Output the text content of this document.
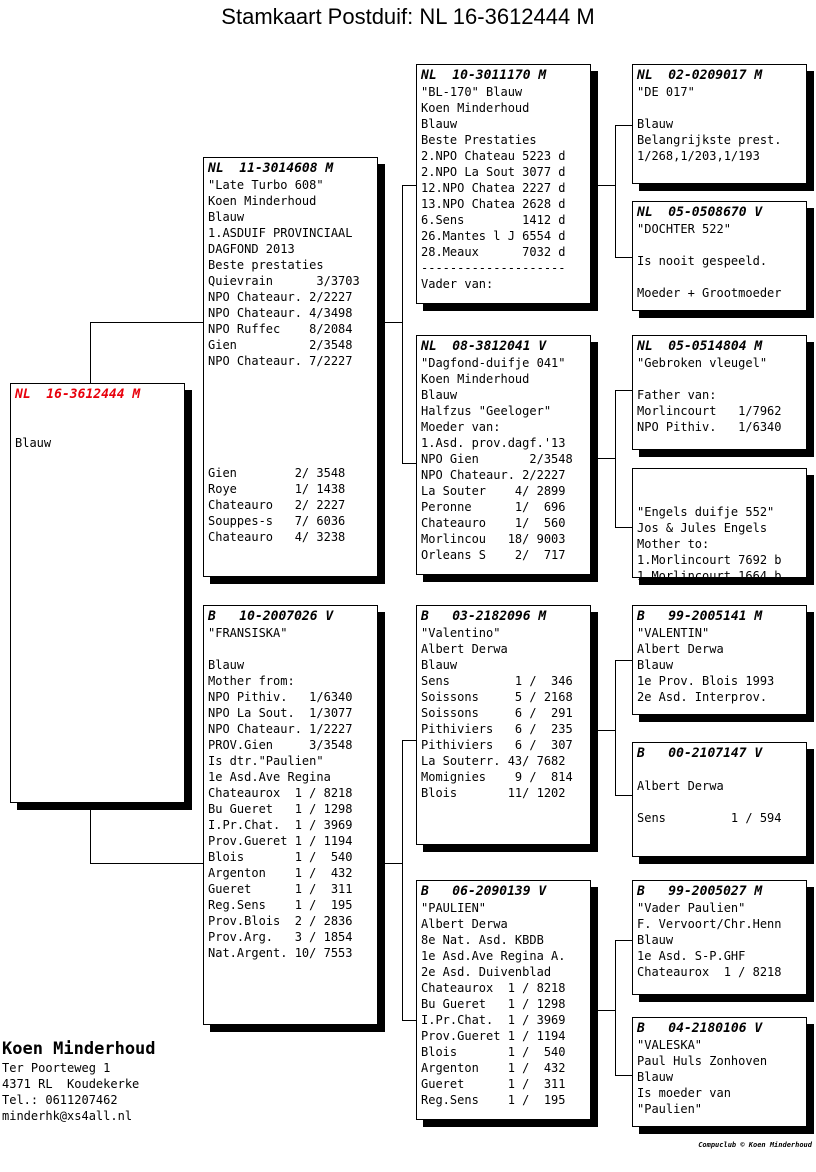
Stamkaart Postduif: NL 16-3612444 M
NL  16-3612444 M

Blauw
NL  11-3014608 M
"Late Turbo 608"
Koen Minderhoud
Blauw
1.ASDUIF PROVINCIAAL
DAGFOND 2013
Beste prestaties
Quievrain      3/3703
NPO Chateaur. 2/2227
NPO Chateaur. 4/3498
NPO Ruffec    8/2084
Gien          2/3548
NPO Chateaur. 7/2227

Gien        2/ 3548
Roye        1/ 1438
Chateauro   2/ 2227
Souppes-s   7/ 6036
Chateauro   4/ 3238
B   10-2007026 V
"FRANSISKA"

Blauw
Mother from:
NPO Pithiv.   1/6340
NPO La Sout.  1/3077
NPO Chateaur. 1/2227
PROV.Gien     3/3548
Is dtr."Paulien"
1e Asd.Ave Regina
Chateaurox  1 / 8218
Bu Gueret   1 / 1298
I.Pr.Chat.  1 / 3969
Prov.Gueret 1 / 1194
Blois       1 /  540
Argenton    1 /  432
Gueret      1 /  311
Reg.Sens    1 /  195
Prov.Blois  2 / 2836
Prov.Arg.   3 / 1854
Nat.Argent. 10/ 7553
NL  10-3011170 M
"BL-170" Blauw
Koen Minderhoud
Blauw
Beste Prestaties
2.NPO Chateau 5223 d
2.NPO La Sout 3077 d
12.NPO Chatea 2227 d
13.NPO Chatea 2628 d
6.Sens        1412 d
26.Mantes l J 6554 d
28.Meaux      7032 d
--------------------
Vader van:
NL  08-3812041 V
"Dagfond-duifje 041"
Koen Minderhoud
Blauw
Halfzus "Geeloger"
Moeder van:
1.Asd. prov.dagf.'13
NPO Gien       2/3548
NPO Chateaur. 2/2227
La Souter    4/ 2899
Peronne      1/  696
Chateauro    1/  560
Morlincou   18/ 9003
Orleans S    2/  717
B   03-2182096 M
"Valentino"
Albert Derwa
Blauw
Sens         1 /  346
Soissons     5 / 2168
Soissons     6 /  291
Pithiviers   6 /  235
Pithiviers   6 /  307
La Souterr. 43/ 7682
Momignies    9 /  814
Blois       11/ 1202
B   06-2090139 V
"PAULIEN"
Albert Derwa
8e Nat. Asd. KBDB
1e Asd.Ave Regina A.
2e Asd. Duivenblad
Chateaurox  1 / 8218
Bu Gueret   1 / 1298
I.Pr.Chat.  1 / 3969
Prov.Gueret 1 / 1194
Blois       1 /  540
Argenton    1 /  432
Gueret      1 /  311
Reg.Sens    1 /  195
NL  02-0209017 M
"DE 017"

Blauw
Belangrijkste prest.
1/268,1/203,1/193
NL  05-0508670 V
"DOCHTER 522"

Is nooit gespeeld.

Moeder + Grootmoeder
NL  05-0514804 M
"Gebroken vleugel"

Father van:
Morlincourt   1/7962
NPO Pithiv.   1/6340

"Engels duifje 552"
Jos & Jules Engels
Mother to:
1.Morlincourt 7692 b
1.Morlincourt 1664 b
B   99-2005141 M
"VALENTIN"
Albert Derwa
Blauw
1e Prov. Blois 1993
2e Asd. Interprov.
B   00-2107147 V

Albert Derwa

Sens         1 / 594
B   99-2005027 M
"Vader Paulien"
F. Vervoort/Chr.Henn
Blauw
1e Asd. S-P.GHF
Chateaurox  1 / 8218
B   04-2180106 V
"VALESKA"
Paul Huls Zonhoven
Blauw
Is moeder van
"Paulien"
Koen Minderhoud
Ter Poorteweg 1
4371 RL  Koudekerke
Tel.: 0611207462
minderhk@xs4all.nl
Compuclub © Koen Minderhoud
